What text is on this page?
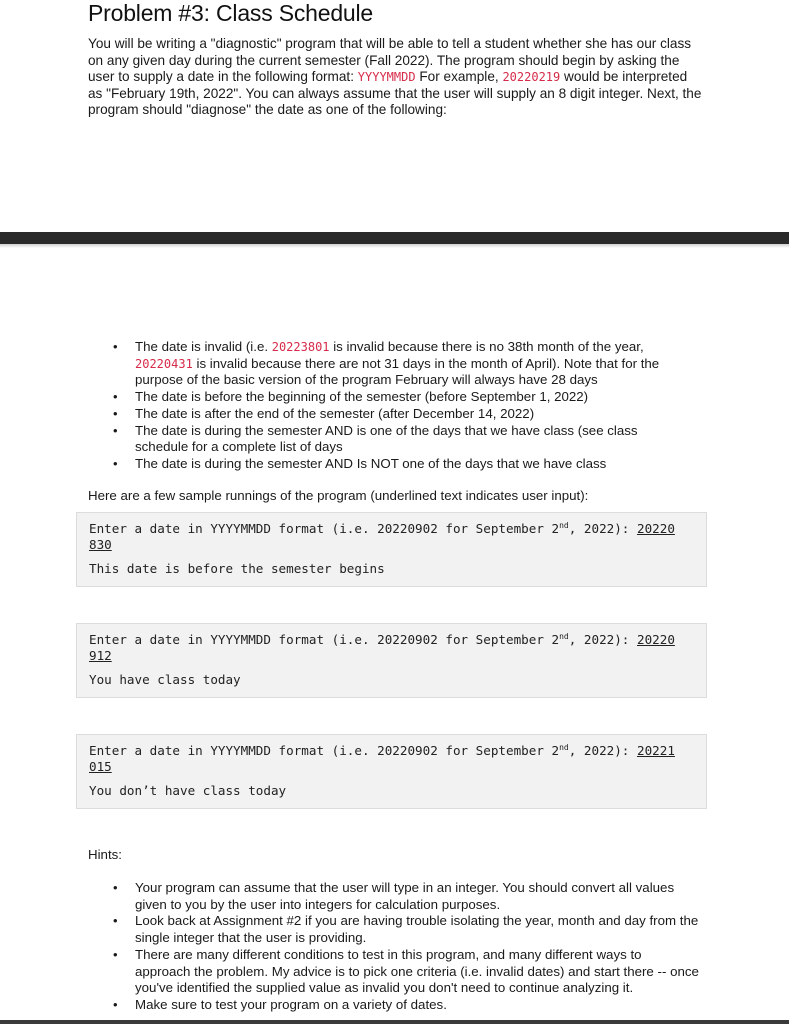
Problem #3: Class Schedule
You will be writing a "diagnostic" program that will be able to tell a student whether she has our class on any given day during the current semester (Fall 2022). The program should begin by asking the user to supply a date in the following format: YYYYMMDD For example, 20220219 would be interpreted as "February 19th, 2022". You can always assume that the user will supply an 8 digit integer. Next, the program should "diagnose" the date as one of the following:
• The date is invalid (i.e. 20223801 is invalid because there is no 38th month of the year, 20220431 is invalid because there are not 31 days in the month of April). Note that for the purpose of the basic version of the program February will always have 28 days
• The date is before the beginning of the semester (before September 1, 2022)
• The date is after the end of the semester (after December 14, 2022)
• The date is during the semester AND is one of the days that we have class (see class schedule for a complete list of days
• The date is during the semester AND Is NOT one of the days that we have class

Here are a few sample runnings of the program (underlined text indicates user input):

Enter a date in YYYYMMDD format (i.e. 20220902 for September 2nd, 2022): 20220
830
This date is before the semester begins
Enter a date in YYYYMMDD format (i.e. 20220902 for September 2nd, 2022): 20220
912
You have class today
Enter a date in YYYYMMDD format (i.e. 20220902 for September 2nd, 2022): 20221
015
You don’t have class today
Hints:
• Your program can assume that the user will type in an integer. You should convert all values given to you by the user into integers for calculation purposes.
• Look back at Assignment #2 if you are having trouble isolating the year, month and day from the single integer that the user is providing.
• There are many different conditions to test in this program, and many different ways to approach the problem. My advice is to pick one criteria (i.e. invalid dates) and start there -- once you've identified the supplied value as invalid you don't need to continue analyzing it.
• Make sure to test your program on a variety of dates.
